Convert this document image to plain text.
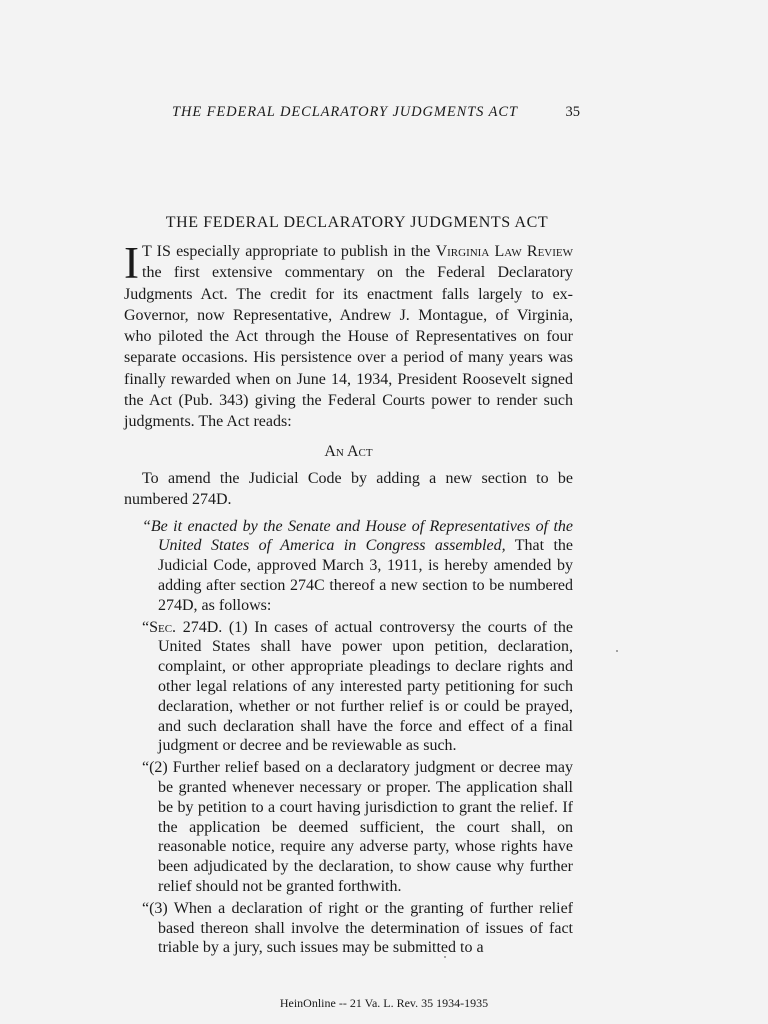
THE FEDERAL DECLARATORY JUDGMENTS ACT	35
THE FEDERAL DECLARATORY JUDGMENTS ACT

I T IS especially appropriate to publish in the Virginia Law Review the first extensive commentary on the Federal Declaratory Judgments Act. The credit for its enactment falls largely to ex-Governor, now Representative, Andrew J. Montague, of Virginia, who piloted the Act through the House of Representatives on four separate occasions. His persistence over a period of many years was finally rewarded when on June 14, 1934, President Roosevelt signed the Act (Pub. 343) giving the Federal Courts power to render such judgments. The Act reads:

An Act

To amend the Judicial Code by adding a new section to be numbered 274D.

“Be it enacted by the Senate and House of Representatives of the United States of America in Congress assembled, That the Judicial Code, approved March 3, 1911, is hereby amended by adding after section 274C thereof a new section to be numbered 274D, as follows:

“Sec. 274D. (1) In cases of actual controversy the courts of the United States shall have power upon petition, declaration, complaint, or other appropriate pleadings to declare rights and other legal relations of any interested party petitioning for such declaration, whether or not further relief is or could be prayed, and such declaration shall have the force and effect of a final judgment or decree and be reviewable as such.

“(2) Further relief based on a declaratory judgment or decree may be granted whenever necessary or proper. The application shall be by petition to a court having jurisdiction to grant the relief. If the application be deemed sufficient, the court shall, on reasonable notice, require any adverse party, whose rights have been adjudicated by the declaration, to show cause why further relief should not be granted forthwith.

“(3) When a declaration of right or the granting of further relief based thereon shall involve the determination of issues of fact triable by a jury, such issues may be submitted to a

HeinOnline -- 21 Va. L. Rev. 35 1934-1935
